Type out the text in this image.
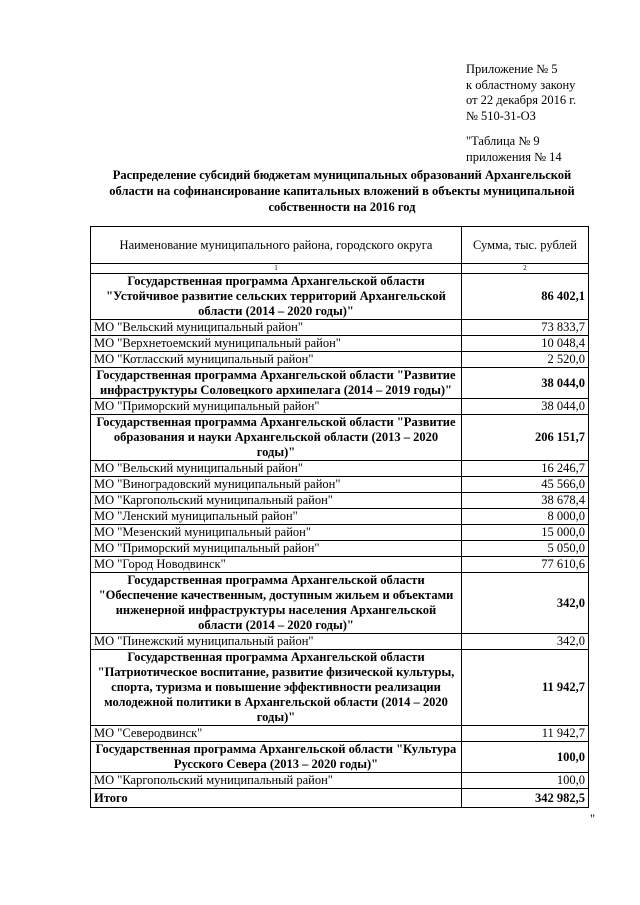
Приложение № 5
к областному закону
от 22 декабря 2016 г.
№ 510-31-ОЗ
"Таблица № 9
приложения № 14
Распределение субсидий бюджетам муниципальных образований Архангельской области на софинансирование капитальных вложений в объекты муниципальной собственности на 2016 год
Наименование муниципального района, городского округа	Сумма, тыс. рублей
1	2
Государственная программа Архангельской области "Устойчивое развитие сельских территорий Архангельской области (2014 – 2020 годы)"	86 402,1
МО "Вельский муниципальный район"	73 833,7
МО "Верхнетоемский муниципальный район"	10 048,4
МО "Котласский муниципальный район"	2 520,0
Государственная программа Архангельской области "Развитие инфраструктуры Соловецкого архипелага (2014 – 2019 годы)"	38 044,0
МО "Приморский муниципальный район"	38 044,0
Государственная программа Архангельской области "Развитие образования и науки Архангельской области (2013 – 2020 годы)"	206 151,7
МО "Вельский муниципальный район"	16 246,7
МО "Виноградовский муниципальный район"	45 566,0
МО "Каргопольский муниципальный район"	38 678,4
МО "Ленский муниципальный район"	8 000,0
МО "Мезенский муниципальный район"	15 000,0
МО "Приморский муниципальный район"	5 050,0
МО "Город Новодвинск"	77 610,6
Государственная программа Архангельской области "Обеспечение качественным, доступным жильем и объектами инженерной инфраструктуры населения Архангельской области (2014 – 2020 годы)"	342,0
МО "Пинежский муниципальный район"	342,0
Государственная программа Архангельской области "Патриотическое воспитание, развитие физической культуры, спорта, туризма и повышение эффективности реализации молодежной политики в Архангельской области (2014 – 2020 годы)"	11 942,7
МО "Северодвинск"	11 942,7
Государственная программа Архангельской области "Культура Русского Севера (2013 – 2020 годы)"	100,0
МО "Каргопольский муниципальный район"	100,0
Итого	342 982,5
"
